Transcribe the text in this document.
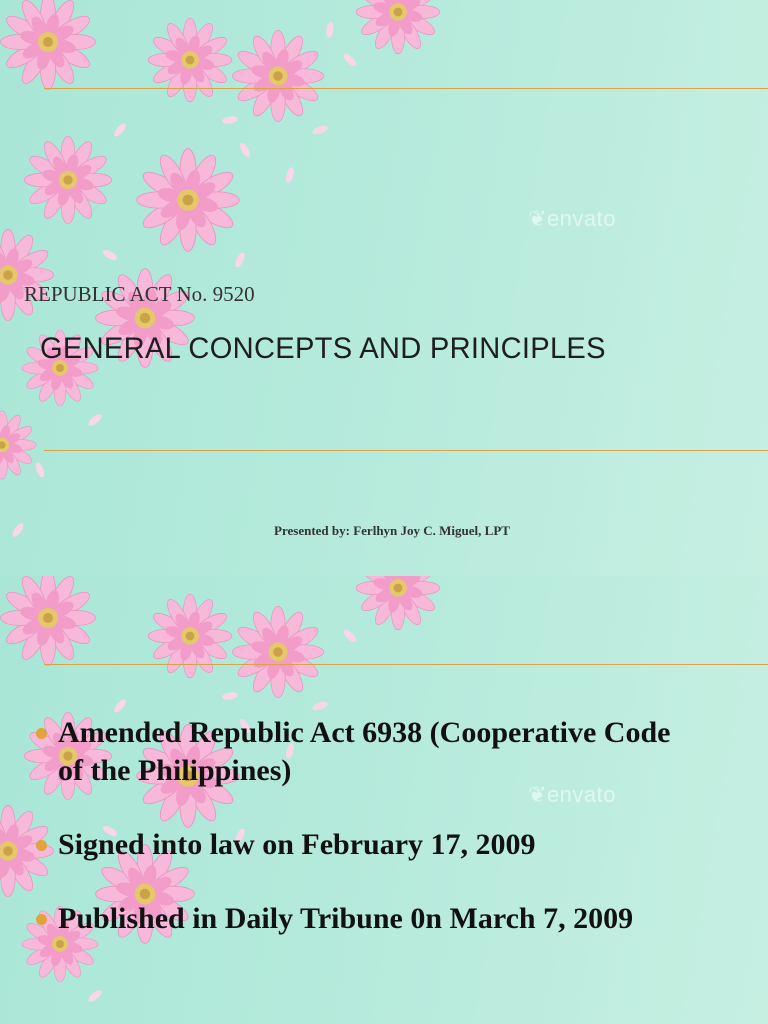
❦envato
REPUBLIC ACT No. 9520
GENERAL CONCEPTS AND PRINCIPLES
Presented by: Ferlhyn Joy C. Miguel, LPT
❦envato
Amended Republic Act 6938 (Cooperative Code of the Philippines)
Signed into law on February 17, 2009
Published in Daily Tribune 0n March 7, 2009
